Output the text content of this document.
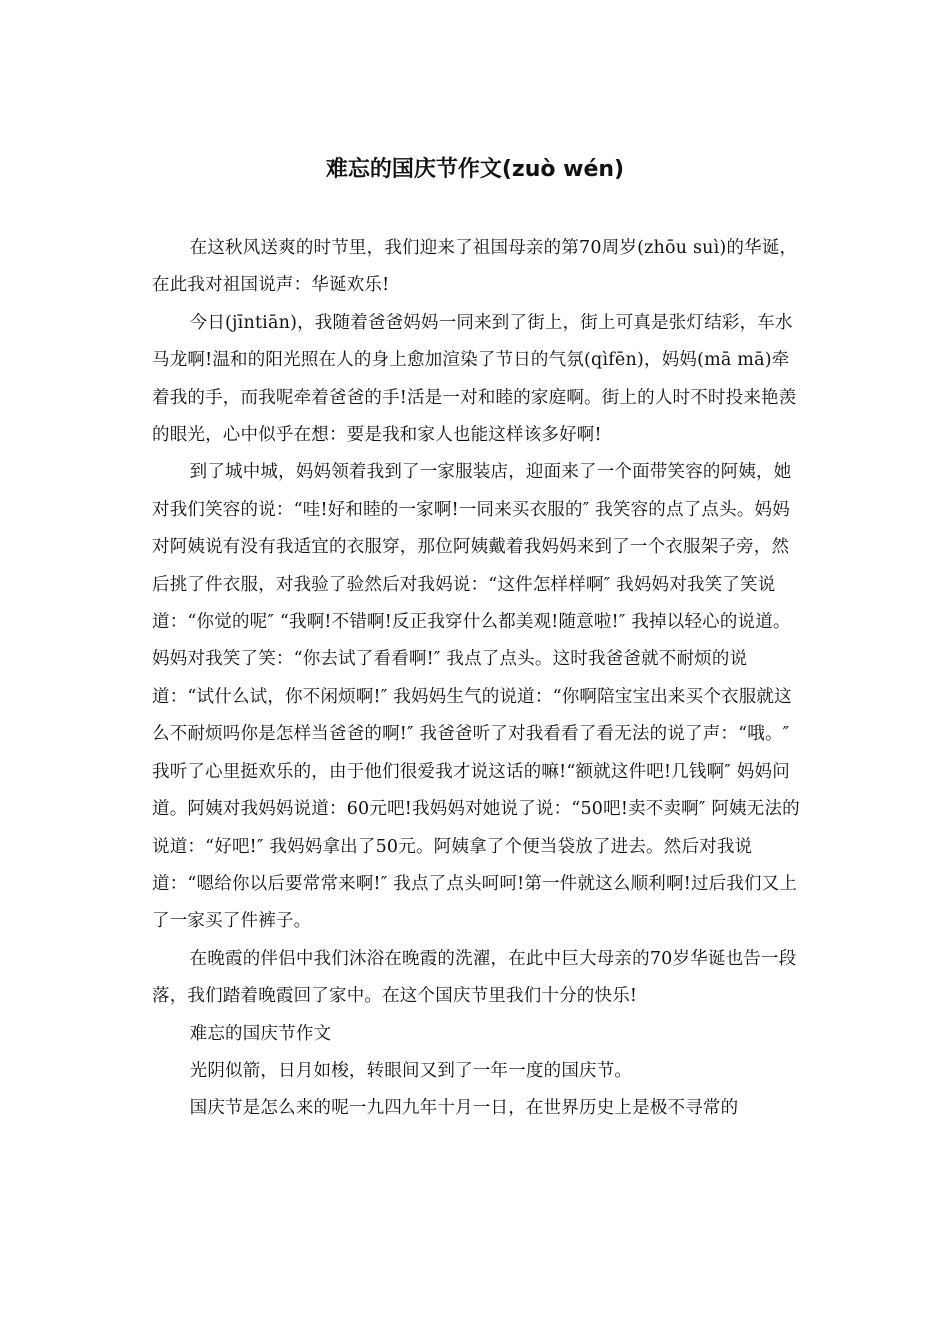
难忘的国庆节作文(zuò wén)

在这秋风送爽的时节里，我们迎来了祖国母亲的第70周岁(zhōu suì)的华诞，在此我对祖国说声：华诞欢乐!

今日(jīntiān)，我随着爸爸妈妈一同来到了街上，街上可真是张灯结彩，车水马龙啊!温和的阳光照在人的身上愈加渲染了节日的气氛(qìfēn)，妈妈(mā mā)牵着我的手，而我呢牵着爸爸的手!活是一对和睦的家庭啊。街上的人时不时投来艳羡的眼光，心中似乎在想：要是我和家人也能这样该多好啊!

到了城中城，妈妈领着我到了一家服装店，迎面来了一个面带笑容的阿姨，她对我们笑容的说：“哇!好和睦的一家啊!一同来买衣服的″ 我笑容的点了点头。妈妈对阿姨说有没有我适宜的衣服穿，那位阿姨戴着我妈妈来到了一个衣服架子旁，然后挑了件衣服，对我验了验然后对我妈说：“这件怎样样啊″ 我妈妈对我笑了笑说道：“你觉的呢″ “我啊!不错啊!反正我穿什么都美观!随意啦!″ 我掉以轻心的说道。妈妈对我笑了笑：“你去试了看看啊!″ 我点了点头。这时我爸爸就不耐烦的说道：“试什么试，你不闲烦啊!″ 我妈妈生气的说道：“你啊陪宝宝出来买个衣服就这么不耐烦吗你是怎样当爸爸的啊!″ 我爸爸听了对我看看了看无法的说了声：“哦。″ 我听了心里挺欢乐的，由于他们很爱我才说这话的嘛!“额就这件吧!几钱啊″ 妈妈问道。阿姨对我妈妈说道：60元吧!我妈妈对她说了说：“50吧!卖不卖啊″ 阿姨无法的说道：“好吧!″ 我妈妈拿出了50元。阿姨拿了个便当袋放了进去。然后对我说道：“嗯给你以后要常常来啊!″ 我点了点头呵呵!第一件就这么顺利啊!过后我们又上了一家买了件裤子。

在晚霞的伴侣中我们沐浴在晚霞的洗濯，在此中巨大母亲的70岁华诞也告一段落，我们踏着晚霞回了家中。在这个国庆节里我们十分的快乐!

难忘的国庆节作文

光阴似箭，日月如梭，转眼间又到了一年一度的国庆节。

国庆节是怎么来的呢一九四九年十月一日，在世界历史上是极不寻常的
